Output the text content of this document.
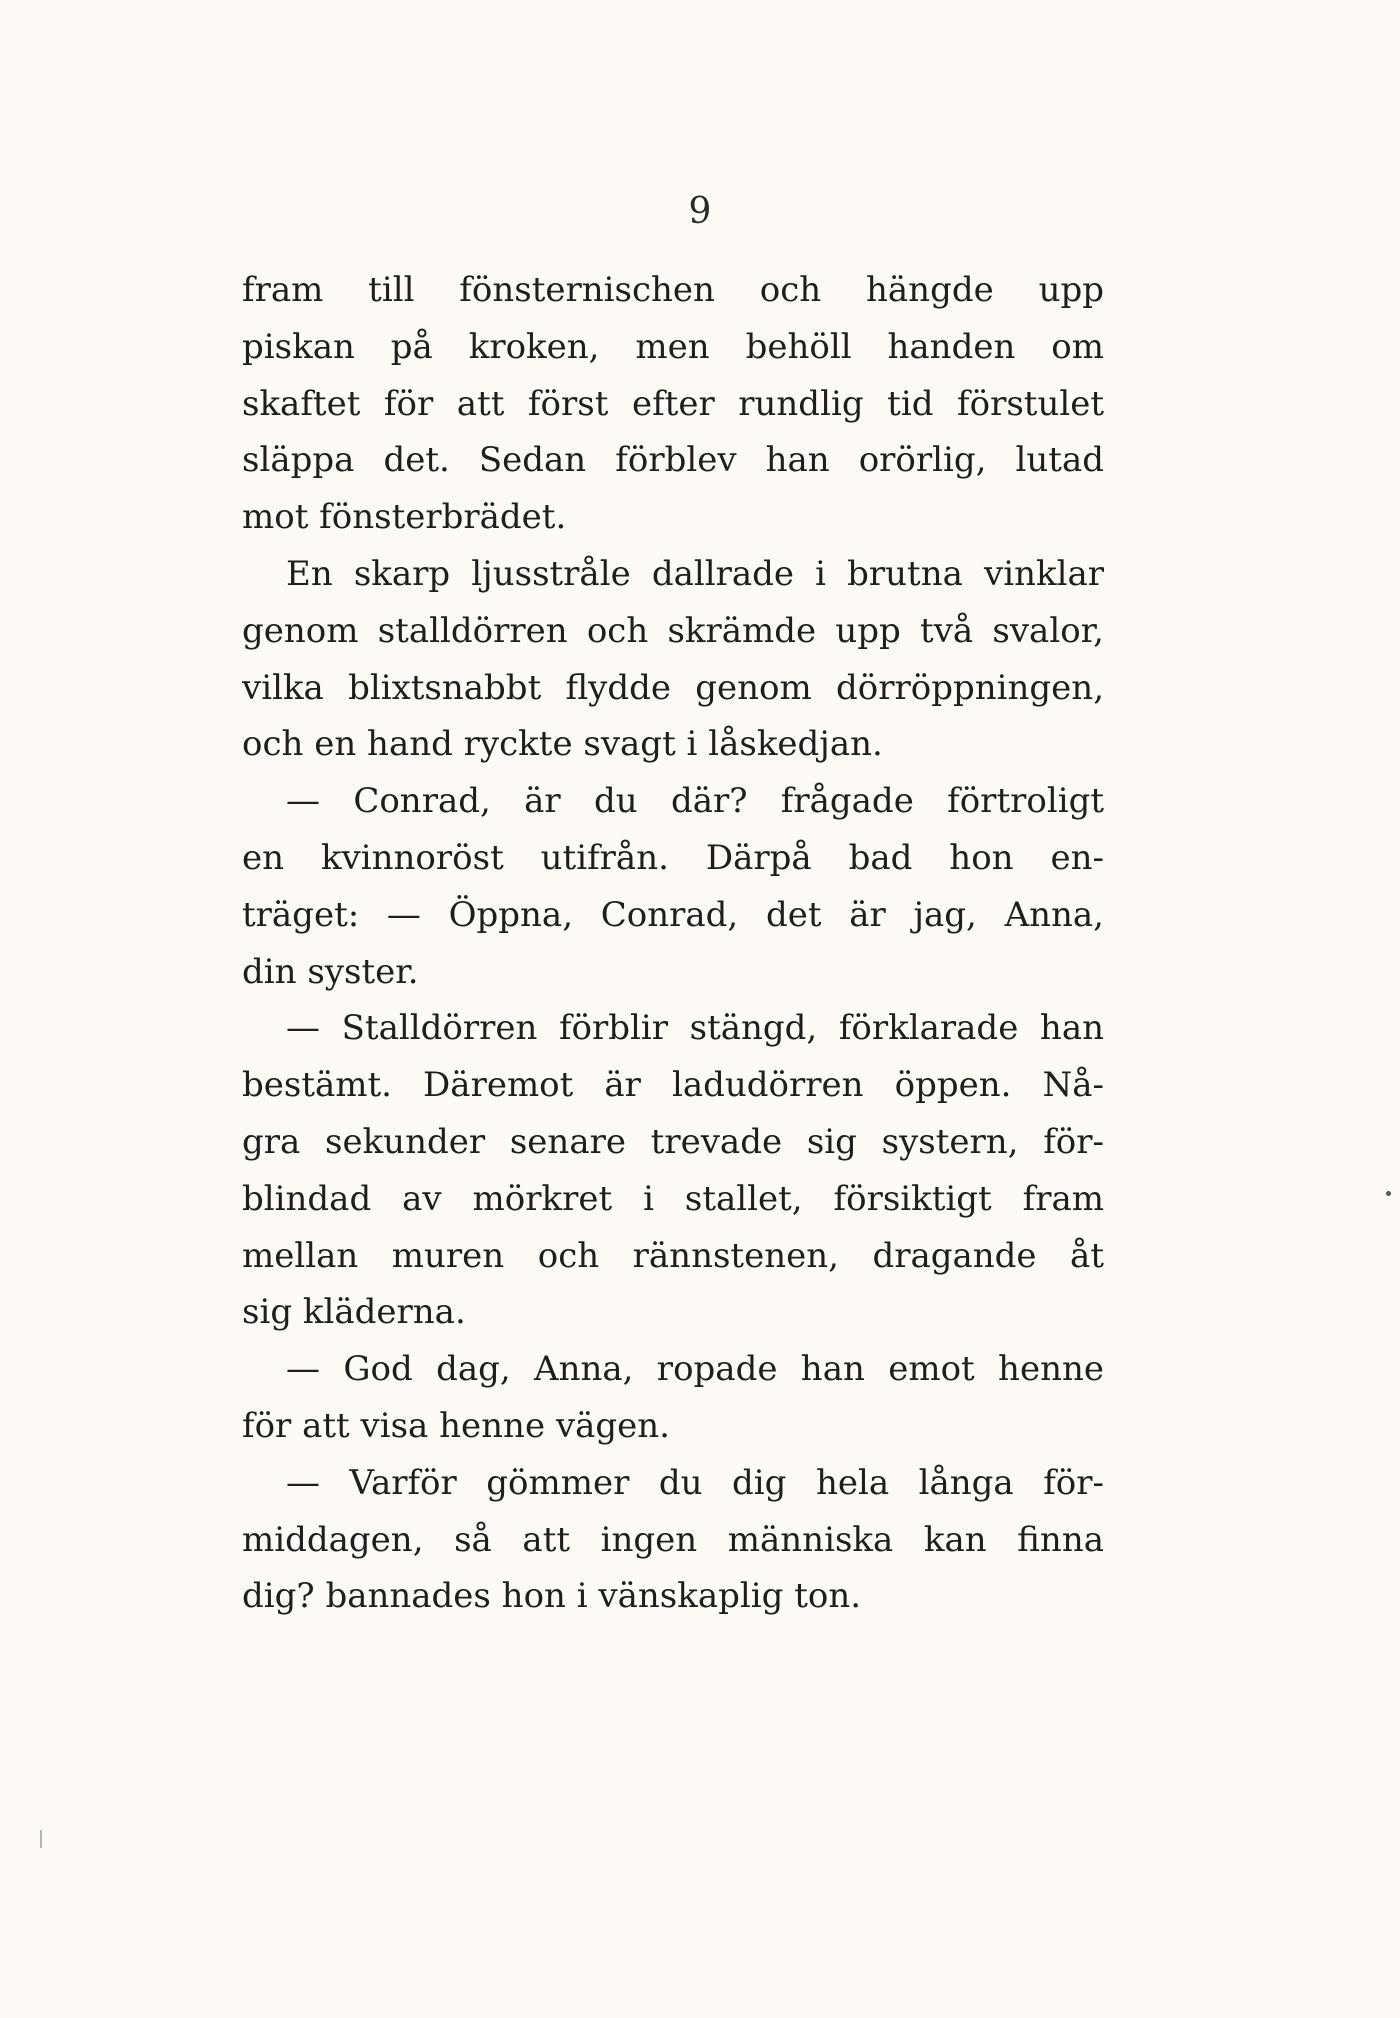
9
fram till fönsternischen och hängde upp
piskan på kroken, men behöll handen om
skaftet för att först efter rundlig tid förstulet
släppa det. Sedan förblev han orörlig, lutad
mot fönsterbrädet.
En skarp ljusstråle dallrade i brutna vinklar
genom stalldörren och skrämde upp två svalor,
vilka blixtsnabbt flydde genom dörröppningen,
och en hand ryckte svagt i låskedjan.
— Conrad, är du där? frågade förtroligt
en kvinnoröst utifrån. Därpå bad hon en-
träget: — Öppna, Conrad, det är jag, Anna,
din syster.
— Stalldörren förblir stängd, förklarade han
bestämt. Däremot är ladudörren öppen. Nå-
gra sekunder senare trevade sig systern, för-
blindad av mörkret i stallet, försiktigt fram
mellan muren och rännstenen, dragande åt
sig kläderna.
— God dag, Anna, ropade han emot henne
för att visa henne vägen.
— Varför gömmer du dig hela långa för-
middagen, så att ingen människa kan finna
dig? bannades hon i vänskaplig ton.
